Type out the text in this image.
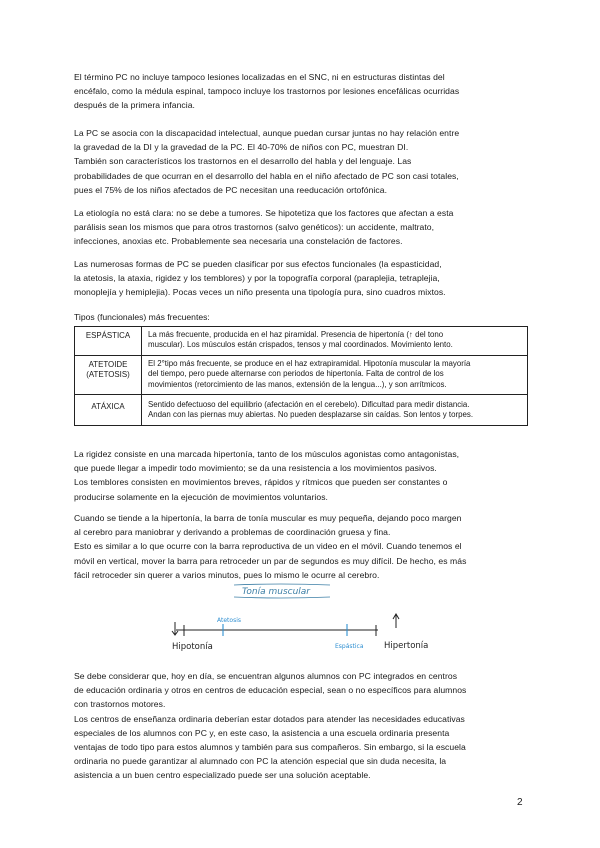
El término PC no incluye tampoco lesiones localizadas en el SNC, ni en estructuras distintas del
encéfalo, como la médula espinal, tampoco incluye los trastornos por lesiones encefálicas ocurridas
después de la primera infancia.

La PC se asocia con la discapacidad intelectual, aunque puedan cursar juntas no hay relación entre
la gravedad de la DI y la gravedad de la PC. El 40-70% de niños con PC, muestran DI.
También son característicos los trastornos en el desarrollo del habla y del lenguaje. Las
probabilidades de que ocurran en el desarrollo del habla en el niño afectado de PC son casi totales,
pues el 75% de los niños afectados de PC necesitan una reeducación ortofónica.

La etiología no está clara: no se debe a tumores. Se hipotetiza que los factores que afectan a esta
parálisis sean los mismos que para otros trastornos (salvo genéticos): un accidente, maltrato,
infecciones, anoxias etc. Probablemente sea necesaria una constelación de factores.

Las numerosas formas de PC se pueden clasificar por sus efectos funcionales (la espasticidad,
la atetosis, la ataxia, rigidez y los temblores) y por la topografía corporal (paraplejia, tetraplejia,
monoplejía y hemiplejia). Pocas veces un niño presenta una tipología pura, sino cuadros mixtos.

Tipos (funcionales) más frecuentes:
ESPÁSTICA	La más frecuente, producida en el haz piramidal. Presencia de hipertonía (↑ del tono
muscular). Los músculos están crispados, tensos y mal coordinados. Movimiento lento.

ATETOIDE
(ATETOSIS)	El 2°tipo más frecuente, se produce en el haz extrapiramidal. Hipotonía muscular la mayoría
del tiempo, pero puede alternarse con periodos de hipertonía. Falta de control de los
movimientos (retorcimiento de las manos, extensión de la lengua...), y son arrítmicos.

ATÁXICA	Sentido defectuoso del equilibrio (afectación en el cerebelo). Dificultad para medir distancia.
Andan con las piernas muy abiertas. No pueden desplazarse sin caídas. Son lentos y torpes.

La rigidez consiste en una marcada hipertonía, tanto de los músculos agonistas como antagonistas,
que puede llegar a impedir todo movimiento; se da una resistencia a los movimientos pasivos.
Los temblores consisten en movimientos breves, rápidos y rítmicos que pueden ser constantes o
producirse solamente en la ejecución de movimientos voluntarios.

Cuando se tiende a la hipertonía, la barra de tonía muscular es muy pequeña, dejando poco margen
al cerebro para maniobrar y derivando a problemas de coordinación gruesa y fina.
Esto es similar a lo que ocurre con la barra reproductiva de un video en el móvil. Cuando tenemos el
móvil en vertical, mover la barra para retroceder un par de segundos es muy difícil. De hecho, es más
fácil retroceder sin querer a varios minutos, pues lo mismo le ocurre al cerebro.

Tonía muscular
Atetosis
Espástica
Hipotonía	Hipertonía

Se debe considerar que, hoy en día, se encuentran algunos alumnos con PC integrados en centros
de educación ordinaria y otros en centros de educación especial, sean o no específicos para alumnos
con trastornos motores.
Los centros de enseñanza ordinaria deberían estar dotados para atender las necesidades educativas
especiales de los alumnos con PC y, en este caso, la asistencia a una escuela ordinaria presenta
ventajas de todo tipo para estos alumnos y también para sus compañeros. Sin embargo, si la escuela
ordinaria no puede garantizar al alumnado con PC la atención especial que sin duda necesita, la
asistencia a un buen centro especializado puede ser una solución aceptable.

2
